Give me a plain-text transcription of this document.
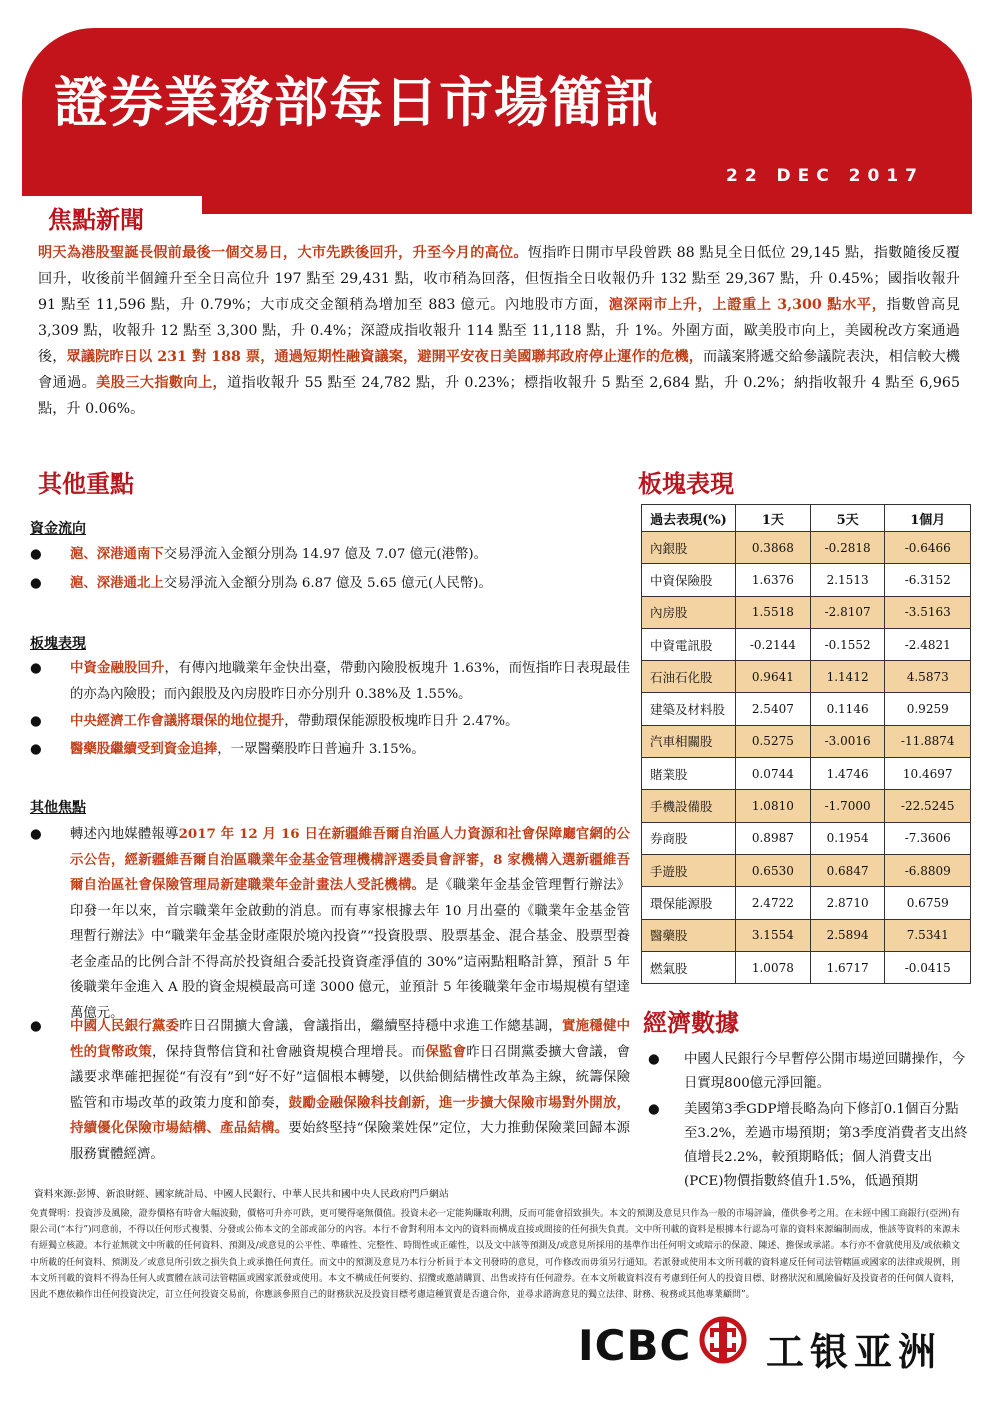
證券業務部每日市場簡訊
22 DEC 2017
焦點新聞

明天為港股聖誕長假前最後一個交易日，大市先跌後回升，升至今月的高位。恆指昨日開市早段曾跌 88 點見全日低位 29,145 點，指數隨後反覆回升，收後前半個鐘升至全日高位升 197 點至 29,431 點，收市稍為回落，但恆指全日收報仍升 132 點至 29,367 點，升 0.45%；國指收報升 91 點至 11,596 點，升 0.79%；大市成交金額稍為增加至 883 億元。內地股市方面，滬深兩市上升，上證重上 3,300 點水平，指數曾高見 3,309 點，收報升 12 點至 3,300 點，升 0.4%；深證成指收報升 114 點至 11,118 點，升 1%。外圍方面，歐美股市向上，美國稅改方案通過後，眾議院昨日以 231 對 188 票，通過短期性融資議案，避開平安夜日美國聯邦政府停止運作的危機，而議案將遞交給參議院表決，相信較大機會通過。美股三大指數向上，道指收報升 55 點至 24,782 點，升 0.23%；標指收報升 5 點至 2,684 點，升 0.2%；納指收報升 4 點至 6,965 點，升 0.06%。

其他重點

資金流向

● 滬、深港通南下交易淨流入金額分別為 14.97 億及 7.07 億元(港幣)。

● 滬、深港通北上交易淨流入金額分別為 6.87 億及 5.65 億元(人民幣)。

板塊表現

● 中資金融股回升，有傳內地職業年金快出臺，帶動內險股板塊升 1.63%，而恆指昨日表現最佳的亦為內險股；而內銀股及內房股昨日亦分別升 0.38%及 1.55%。

● 中央經濟工作會議將環保的地位提升，帶動環保能源股板塊昨日升 2.47%。

● 醫藥股繼續受到資金追捧，一眾醫藥股昨日普遍升 3.15%。

其他焦點

● 轉述內地媒體報導2017 年 12 月 16 日在新疆維吾爾自治區人力資源和社會保障廳官網的公示公告，經新疆維吾爾自治區職業年金基金管理機構評選委員會評審，8 家機構入選新疆維吾爾自治區社會保險管理局新建職業年金計畫法人受託機構。是《職業年金基金管理暫行辦法》印發一年以來，首宗職業年金啟動的消息。而有專家根據去年 10 月出臺的《職業年金基金管理暫行辦法》中“職業年金基金財產限於境內投資”“投資股票、股票基金、混合基金、股票型養老金產品的比例合計不得高於投資組合委託投資資產淨值的 30%”這兩點粗略計算，預計 5 年後職業年金進入 A 股的資金規模最高可達 3000 億元，並預計 5 年後職業年金市場規模有望達萬億元。

● 中國人民銀行黨委昨日召開擴大會議，會議指出，繼續堅持穩中求進工作總基調，實施穩健中性的貨幣政策，保持貨幣信貸和社會融資規模合理增長。而保監會昨日召開黨委擴大會議，會議要求準確把握從“有沒有”到“好不好”這個根本轉變，以供給側結構性改革為主線，統籌保險監管和市場改革的政策力度和節奏，鼓勵金融保險科技創新，進一步擴大保險市場對外開放，持續優化保險市場結構、產品結構。要始終堅持“保險業姓保”定位，大力推動保險業回歸本源服務實體經濟。

板塊表現
過去表現(%)	1天	5天	1個月
內銀股	0.3868	-0.2818	-0.6466
中資保險股	1.6376	2.1513	-6.3152
內房股	1.5518	-2.8107	-3.5163
中資電訊股	-0.2144	-0.1552	-2.4821
石油石化股	0.9641	1.1412	4.5873
建築及材料股	2.5407	0.1146	0.9259
汽車相關股	0.5275	-3.0016	-11.8874
賭業股	0.0744	1.4746	10.4697
手機設備股	1.0810	-1.7000	-22.5245
券商股	0.8987	0.1954	-7.3606
手遊股	0.6530	0.6847	-6.8809
環保能源股	2.4722	2.8710	0.6759
醫藥股	3.1554	2.5894	7.5341
燃氣股	1.0078	1.6717	-0.0415
經濟數據

● 中國人民銀行今早暫停公開市場逆回購操作，今日實現800億元淨回籠。

● 美國第3季GDP增長略為向下修訂0.1個百分點至3.2%，差過市場預期；第3季度消費者支出終值增長2.2%，較預期略低；個人消費支出(PCE)物價指數終值升1.5%，低過預期

資料來源:彭博、新浪財經、國家統計局、中國人民銀行、中華人民共和國中央人民政府門戶網站

免責聲明：投資涉及風險，證券價格有時會大幅波動，價格可升亦可跌，更可變得毫無價值。投資未必一定能夠賺取利潤，反而可能會招致損失。本文的預測及意見只作為一般的市場評論，僅供參考之用。在未經中國工商銀行(亞洲)有限公司(“本行”)同意前，不得以任何形式複製、分發或公佈本文的全部或部分的內容。本行不會對利用本文內的資料而構成直接或間接的任何損失負責。文中所刊載的資料是根據本行認為可靠的資料來源編制而成，惟該等資料的來源未有經獨立核證。本行並無就文中所載的任何資料、預測及/或意見的公平性、準確性、完整性、時間性或正確性，以及文中該等預測及/或意見所採用的基準作出任何明文或暗示的保證、陳述、擔保或承諾。本行亦不會就使用及/或依賴文中所載的任何資料、預測及／或意見所引致之損失負上或承擔任何責任。而文中的預測及意見乃本行分析員于本文刊發時的意見，可作修改而毋須另行通知。若派發或使用本文所刊載的資料違反任何司法管轄區或國家的法律或規例，則本文所刊載的資料不得為任何人或實體在該司法管轄區或國家派發或使用。本文不構成任何要約、招攬或邀請購買、出售或持有任何證券。在本文所載資料沒有考慮到任何人的投資目標、財務狀況和風險偏好及投資者的任何個人資料，因此不應依賴作出任何投資決定，訂立任何投資交易前，你應該參照自己的財務狀況及投資目標考慮這種買賣是否適合你，並尋求諮詢意見的獨立法律、財務、稅務或其他專業顧問”。

ICBC 工银亚洲
